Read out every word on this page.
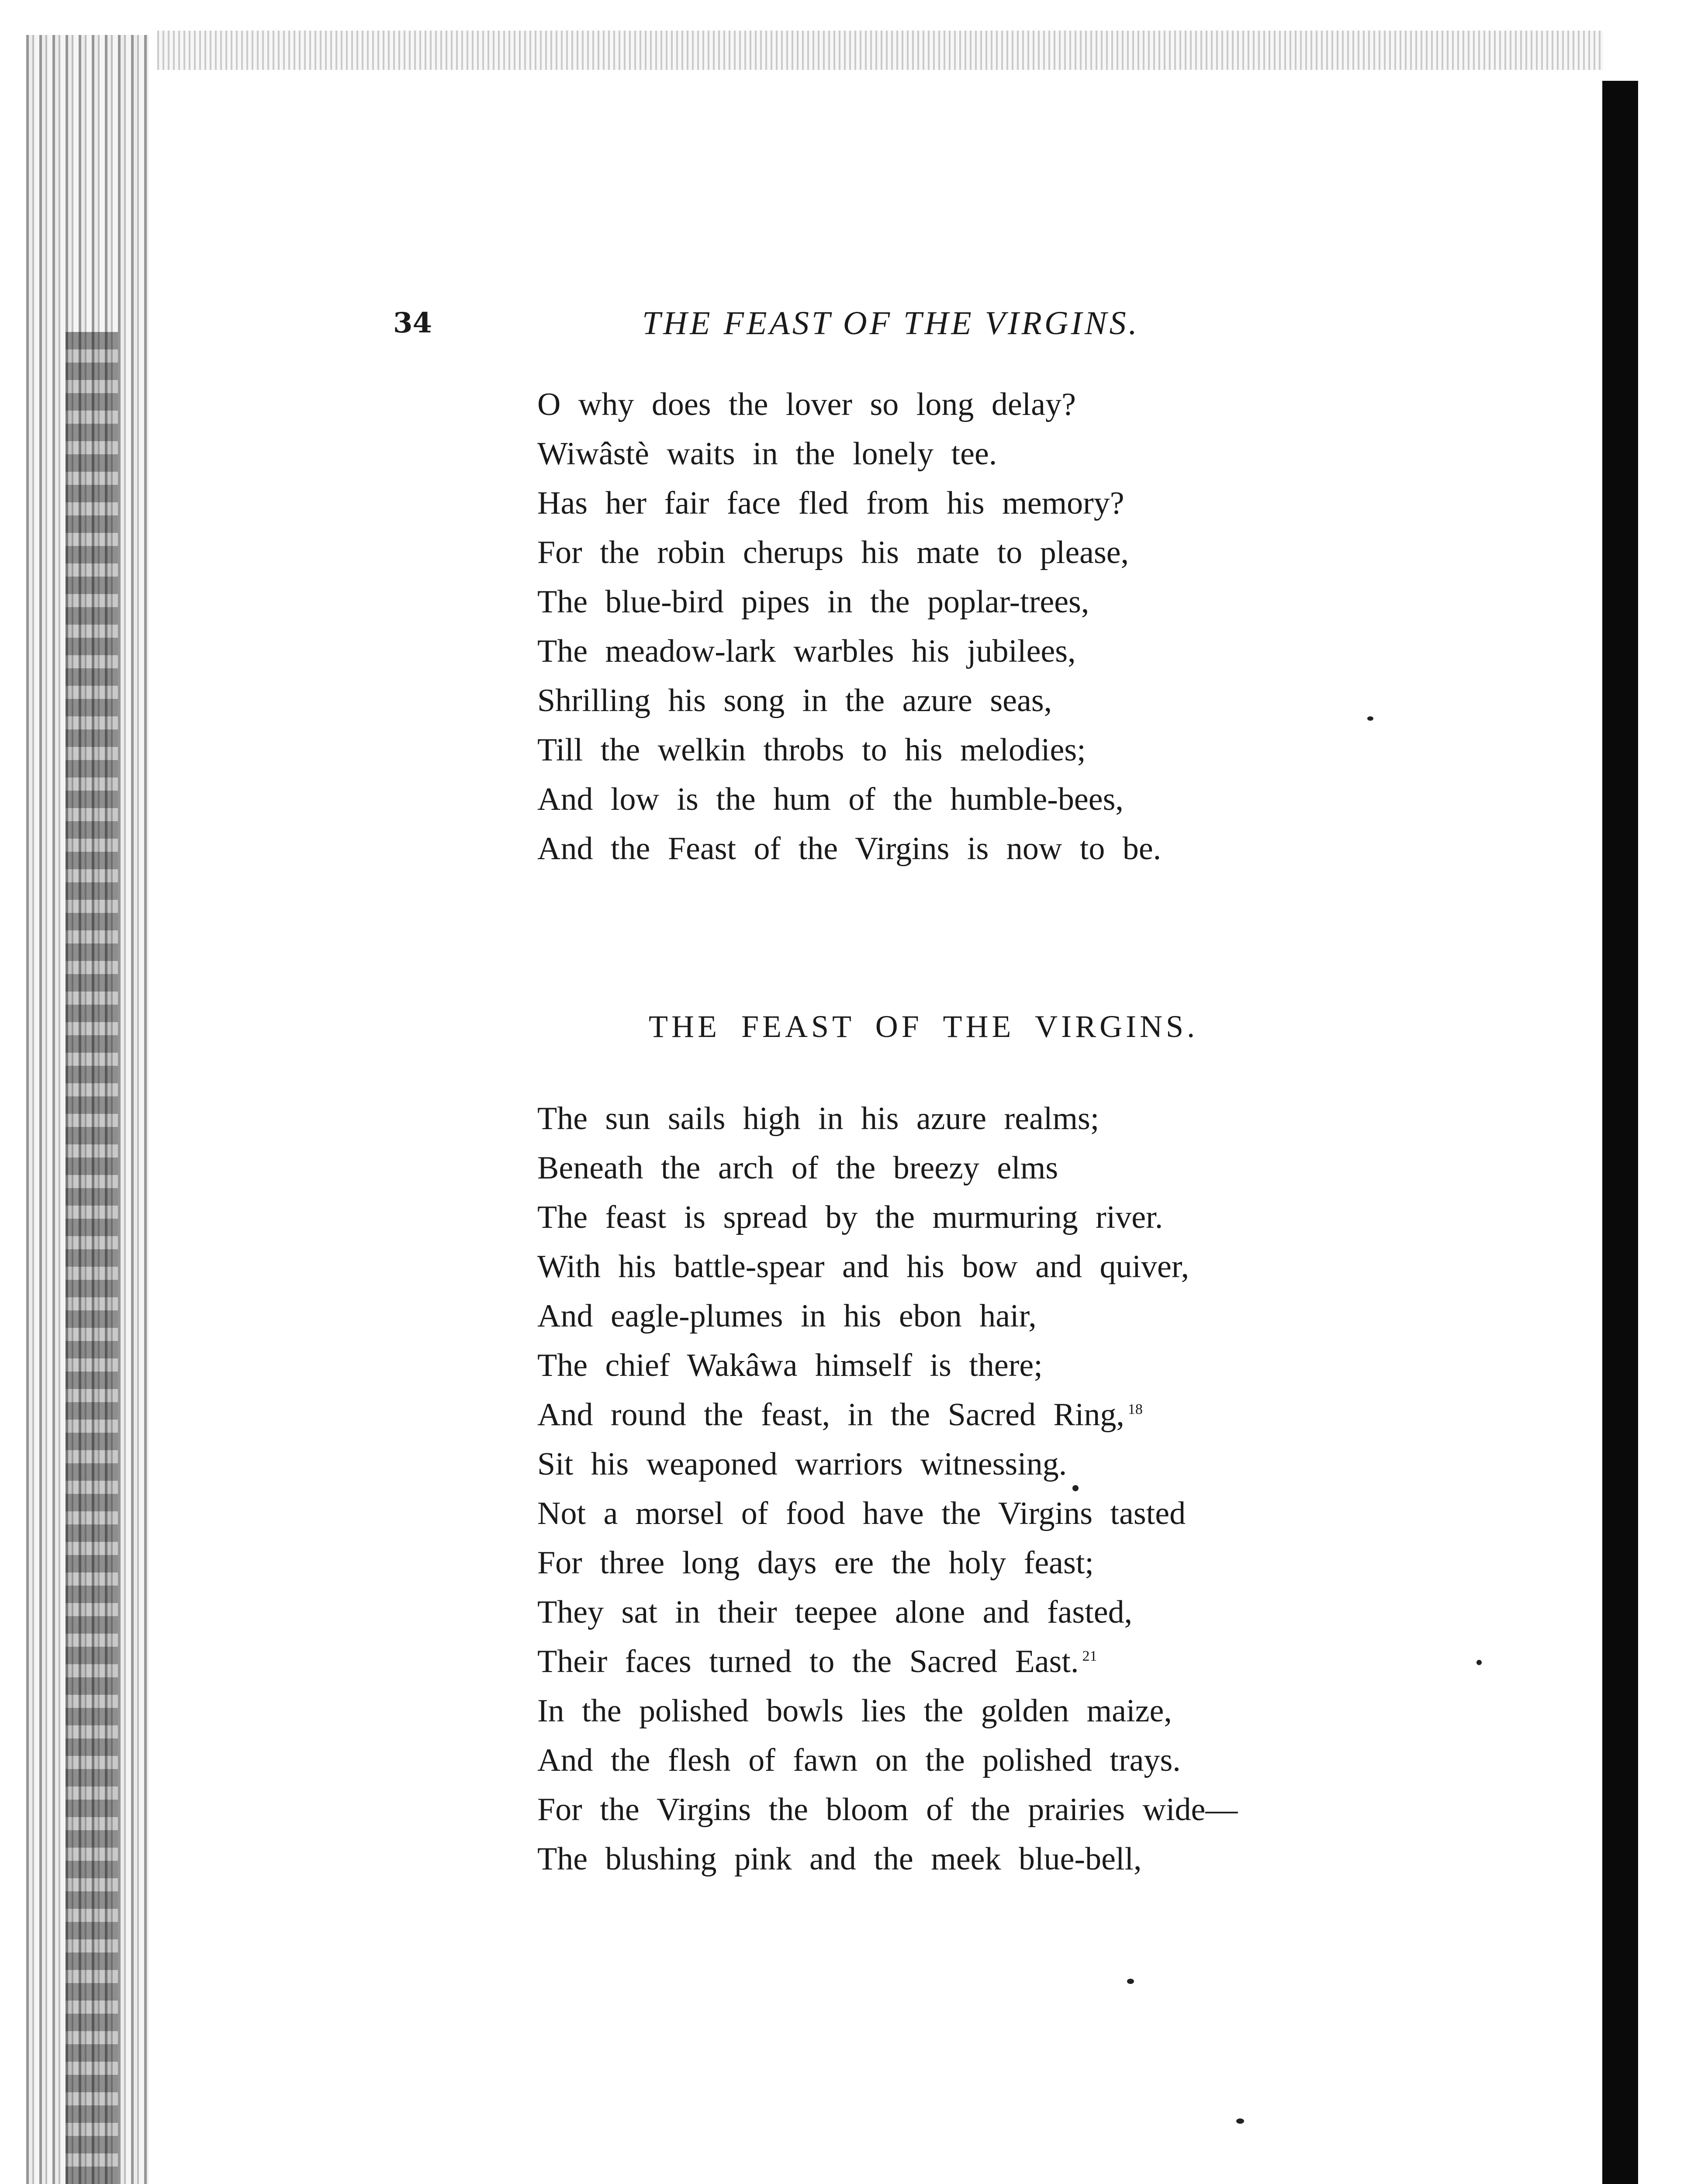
34	THE FEAST OF THE VIRGINS.
O why does the lover so long delay?
Wiwâstè waits in the lonely tee.
Has her fair face fled from his memory?
For the robin cherups his mate to please,
The blue-bird pipes in the poplar-trees,
The meadow-lark warbles his jubilees,
Shrilling his song in the azure seas,
Till the welkin throbs to his melodies;
And low is the hum of the humble-bees,
And the Feast of the Virgins is now to be.
THE FEAST OF THE VIRGINS.
The sun sails high in his azure realms;
Beneath the arch of the breezy elms
The feast is spread by the murmuring river.
With his battle-spear and his bow and quiver,
And eagle-plumes in his ebon hair,
The chief Wakâwa himself is there;
And round the feast, in the Sacred Ring, $^{18}$
Sit his weaponed warriors witnessing.
Not a morsel of food have the Virgins tasted
For three long days ere the holy feast;
They sat in their teepee alone and fasted,
Their faces turned to the Sacred East. $^{21}$
In the polished bowls lies the golden maize,
And the flesh of fawn on the polished trays.
For the Virgins the bloom of the prairies wide—
The blushing pink and the meek blue-bell,
